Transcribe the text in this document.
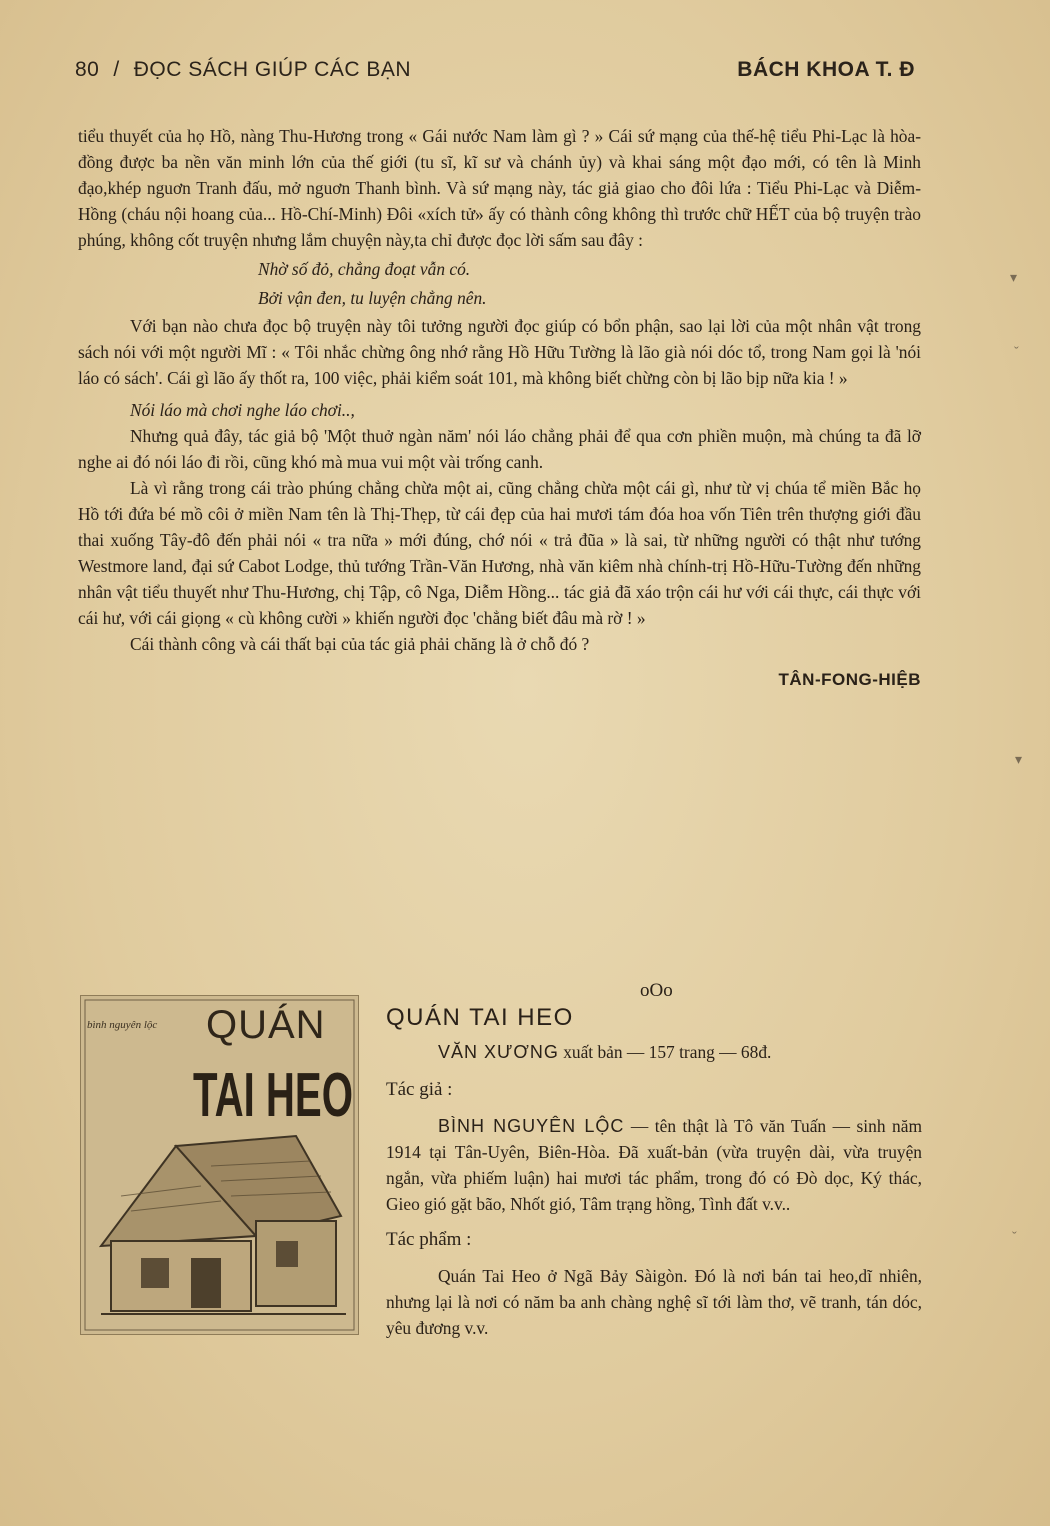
80 / ĐỌC SÁCH GIÚP CÁC BẠN	BÁCH KHOA T. Đ

tiểu thuyết của họ Hồ, nàng Thu-Hương trong « Gái nước Nam làm gì ? » Cái sứ mạng của thế-hệ tiểu Phi-Lạc là hòa-đồng được ba nền văn minh lớn của thế giới (tu sĩ, kĩ sư và chánh ủy) và khai sáng một đạo mới, có tên là Minh đạo,khép nguơn Tranh đấu, mở nguơn Thanh bình. Và sứ mạng này, tác giả giao cho đôi lứa : Tiểu Phi-Lạc và Diễm-Hồng (cháu nội hoang của... Hồ-Chí-Minh) Đôi «xích tử» ấy có thành công không thì trước chữ HẾT của bộ truyện trào phúng, không cốt truyện nhưng lắm chuyện này,ta chỉ được đọc lời sấm sau đây :

Nhờ số đỏ, chẳng đoạt vẫn có.

Bởi vận đen, tu luyện chẳng nên.

Với bạn nào chưa đọc bộ truyện này tôi tưởng người đọc giúp có bổn phận, sao lại lời của một nhân vật trong sách nói với một người Mĩ : « Tôi nhắc chừng ông nhớ rằng Hồ Hữu Tường là lão già nói dóc tổ, trong Nam gọi là 'nói láo có sách'. Cái gì lão ấy thốt ra, 100 việc, phải kiểm soát 101, mà không biết chừng còn bị lão bịp nữa kia ! »

Nói láo mà chơi nghe láo chơi..,

Nhưng quả đây, tác giả bộ 'Một thuở ngàn năm' nói láo chẳng phải để qua cơn phiền muộn, mà chúng ta đã lỡ nghe ai đó nói láo đi rồi, cũng khó mà mua vui một vài trống canh.

Là vì rằng trong cái trào phúng chẳng chừa một ai, cũng chẳng chừa một cái gì, như từ vị chúa tể miền Bắc họ Hồ tới đứa bé mồ côi ở miền Nam tên là Thị-Thẹp, từ cái đẹp của hai mươi tám đóa hoa vốn Tiên trên thượng giới đầu thai xuống Tây-đô đến phải nói « tra nữa » mới đúng, chớ nói « trả đũa » là sai, từ những người có thật như tướng Westmore land, đại sứ Cabot Lodge, thủ tướng Trần-Văn Hương, nhà văn kiêm nhà chính-trị Hồ-Hữu-Tường đến những nhân vật tiểu thuyết như Thu-Hương, chị Tập, cô Nga, Diễm Hồng... tác giả đã xáo trộn cái hư với cái thực, cái thực với cái hư, với cái giọng « cù không cười » khiến người đọc 'chẳng biết đâu mà rờ ! »

Cái thành công và cái thất bại của tác giả phải chăng là ở chỗ đó ?

TÂN-FONG-HIỆB

oOo
bình nguyên lộc QUÁN
TAI HEO
QUÁN TAI HEO
VĂN XƯƠNG xuất bản — 157 trang — 68đ.
Tác giả :
BÌNH NGUYÊN LỘC — tên thật là Tô văn Tuấn — sinh năm 1914 tại Tân-Uyên, Biên-Hòa. Đã xuất-bản (vừa truyện dài, vừa truyện ngắn, vừa phiếm luận) hai mươi tác phẩm, trong đó có Đò dọc, Ký thác, Gieo gió gặt bão, Nhốt gió, Tâm trạng hồng, Tình đất v.v..
Tác phẩm :
Quán Tai Heo ở Ngã Bảy Sàigòn. Đó là nơi bán tai heo,dĩ nhiên, nhưng lại là nơi có năm ba anh chàng nghệ sĩ tới làm thơ, vẽ tranh, tán dóc, yêu đương v.v.
▾
ˇ
▾
ˇ
